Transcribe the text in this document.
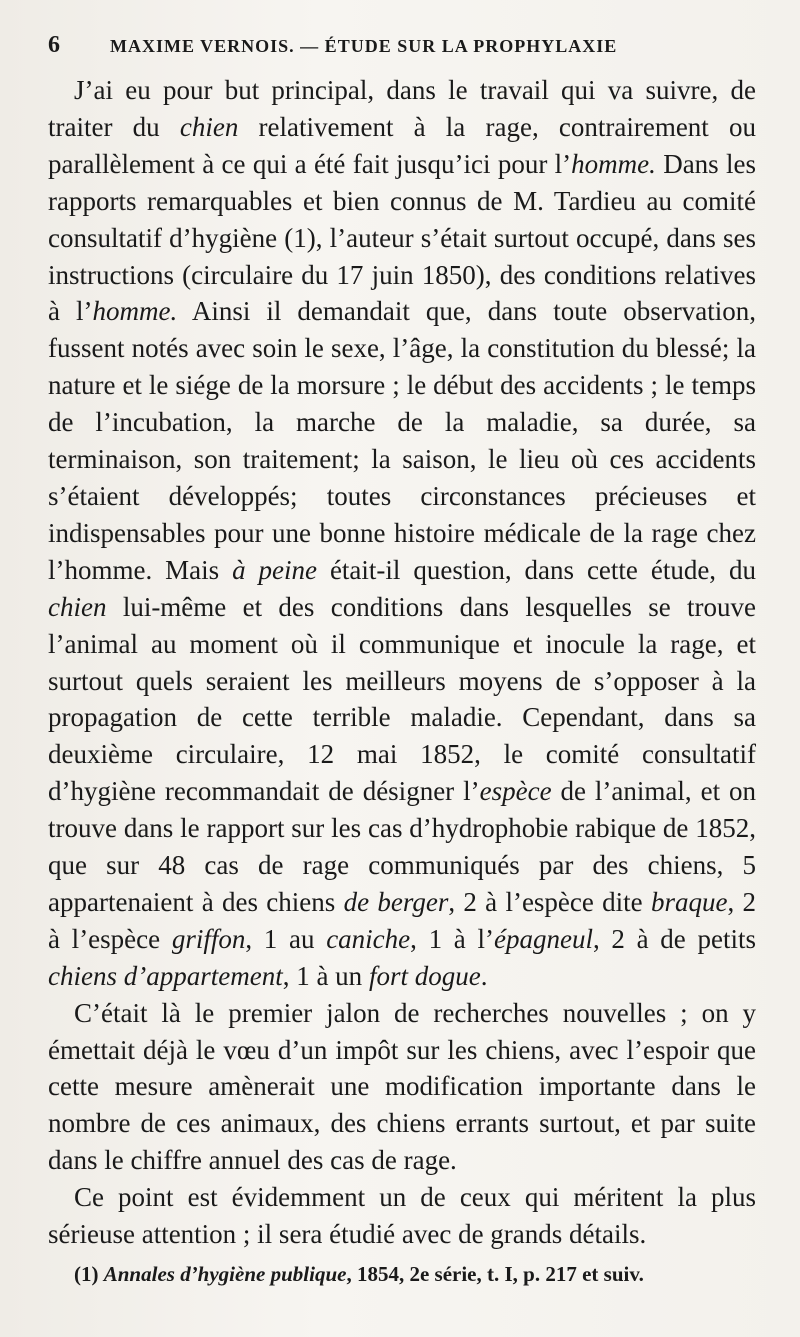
6	MAXIME VERNOIS. — ÉTUDE SUR LA PROPHYLAXIE

J’ai eu pour but principal, dans le travail qui va suivre, de traiter du chien relativement à la rage, contrairement ou parallèlement à ce qui a été fait jusqu’ici pour l’homme. Dans les rapports remarquables et bien connus de M. Tardieu au comité consultatif d’hygiène (1), l’auteur s’était surtout occupé, dans ses instructions (circulaire du 17 juin 1850), des conditions relatives à l’homme. Ainsi il demandait que, dans toute observation, fussent notés avec soin le sexe, l’âge, la constitution du blessé; la nature et le siége de la morsure ; le début des accidents ; le temps de l’incubation, la marche de la maladie, sa durée, sa terminaison, son traitement; la saison, le lieu où ces accidents s’étaient développés; toutes circonstances précieuses et indispensables pour une bonne histoire médicale de la rage chez l’homme. Mais à peine était-il question, dans cette étude, du chien lui-même et des conditions dans lesquelles se trouve l’animal au moment où il communique et inocule la rage, et surtout quels seraient les meilleurs moyens de s’opposer à la propagation de cette terrible maladie. Cependant, dans sa deuxième circulaire, 12 mai 1852, le comité consultatif d’hygiène recommandait de désigner l’espèce de l’animal, et on trouve dans le rapport sur les cas d’hydrophobie rabique de 1852, que sur 48 cas de rage communiqués par des chiens, 5 appartenaient à des chiens de berger, 2 à l’espèce dite braque, 2 à l’espèce griffon, 1 au caniche, 1 à l’épagneul, 2 à de petits chiens d’appartement, 1 à un fort dogue.

C’était là le premier jalon de recherches nouvelles ; on y émettait déjà le vœu d’un impôt sur les chiens, avec l’espoir que cette mesure amènerait une modification importante dans le nombre de ces animaux, des chiens errants surtout, et par suite dans le chiffre annuel des cas de rage.

Ce point est évidemment un de ceux qui méritent la plus sérieuse attention ; il sera étudié avec de grands détails.

(1) Annales d’hygiène publique, 1854, 2e série, t. I, p. 217 et suiv.
